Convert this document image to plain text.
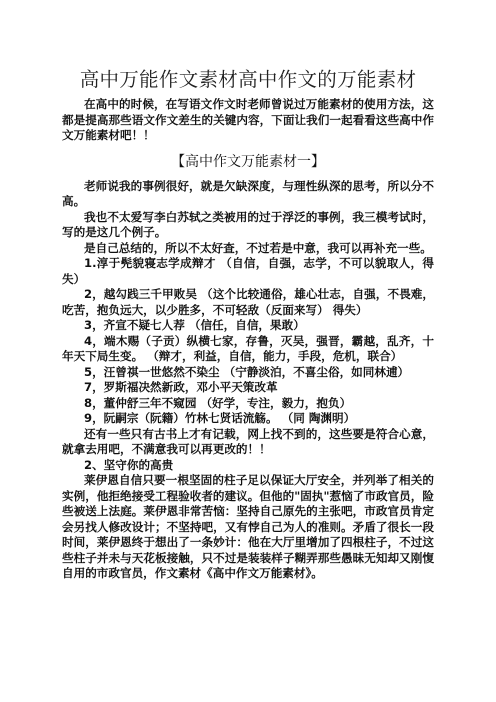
高中万能作文素材高中作文的万能素材

在高中的时候，在写语文作文时老师曾说过万能素材的使用方法，这都是提高那些语文作文差生的关键内容，下面让我们一起看看这些高中作文万能素材吧！！

【高中作文万能素材一】

老师说我的事例很好，就是欠缺深度，与理性纵深的思考，所以分不高。

我也不太爱写李白苏轼之类被用的过于浮泛的事例，我三模考试时，写的是这几个例子。

是自己总结的，所以不太好查，不过若是中意，我可以再补充一些。

1.淳于髡貌寝志学成辩才 （自信，自强，志学，不可以貌取人，得失）

2，越勾践三千甲败吴 （这个比较通俗，雄心壮志，自强，不畏难，吃苦，抱负远大，以少胜多，不可轻敌（反面来写） 得失）

3，齐宣不疑七人荐 （信任，自信，果敢）

4，端木赐（子贡）纵横七家，存鲁，灭吴，强晋，霸越，乱齐，十年天下局生变。 （辩才，利益，自信，能力，手段，危机，联合）

5，汪曾祺一世悠然不染尘 （宁静淡泊，不喜尘俗，如同林逋）

7，罗斯福决然新政，邓小平天策改革

8，董仲舒三年不窥园 （好学，专注，毅力，抱负）

9，阮嗣宗（阮籍）竹林七贤话流觞。 （同 陶渊明）

还有一些只有古书上才有记载，网上找不到的，这些要是符合心意，就拿去用吧，不满意我可以再更改的！！

2、坚守你的高贵

莱伊恩自信只要一根坚固的柱子足以保证大厅安全，并列举了相关的实例，他拒绝接受工程验收者的建议。但他的"固执"惹恼了市政官员，险些被送上法庭。莱伊恩非常苦恼：坚持自己原先的主张吧，市政官员肯定会另找人修改设计；不坚持吧，又有悖自己为人的准则。矛盾了很长一段时间，莱伊恩终于想出了一条妙计：他在大厅里增加了四根柱子，不过这些柱子并未与天花板接触，只不过是装装样子糊弄那些愚昧无知却又刚愎自用的市政官员，作文素材《高中作文万能素材》。
